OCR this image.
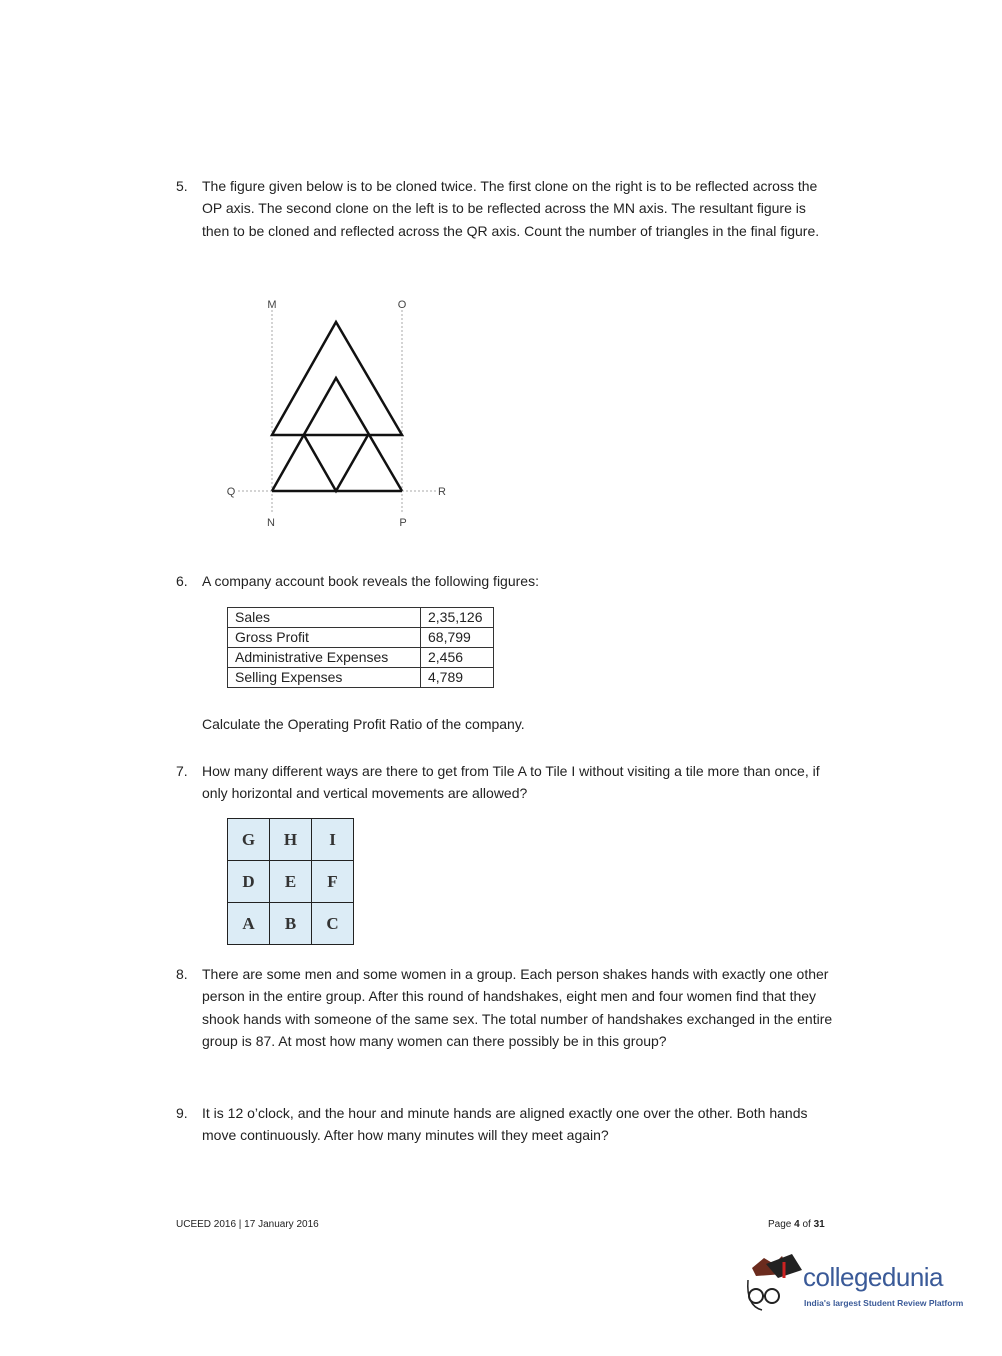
5. The figure given below is to be cloned twice. The first clone on the right is to be reflected across the OP axis. The second clone on the left is to be reflected across the MN axis. The resultant figure is then to be cloned and reflected across the QR axis. Count the number of triangles in the final figure.
M	O
Q	R
N	P
6. A company account book reveals the following figures:
Sales	2,35,126
Gross Profit	68,799
Administrative Expenses	2,456
Selling Expenses	4,789
Calculate the Operating Profit Ratio of the company.
7. How many different ways are there to get from Tile A to Tile I without visiting a tile more than once, if only horizontal and vertical movements are allowed?
G	H	I
D	E	F
A	B	C
8. There are some men and some women in a group. Each person shakes hands with exactly one other person in the entire group. After this round of handshakes, eight men and four women find that they shook hands with someone of the same sex. The total number of handshakes exchanged in the entire group is 87. At most how many women can there possibly be in this group?
9. It is 12 o’clock, and the hour and minute hands are aligned exactly one over the other. Both hands move continuously. After how many minutes will they meet again?
UCEED 2016 | 17 January 2016	Page 4 of 31
collegedunia
India's largest Student Review Platform
